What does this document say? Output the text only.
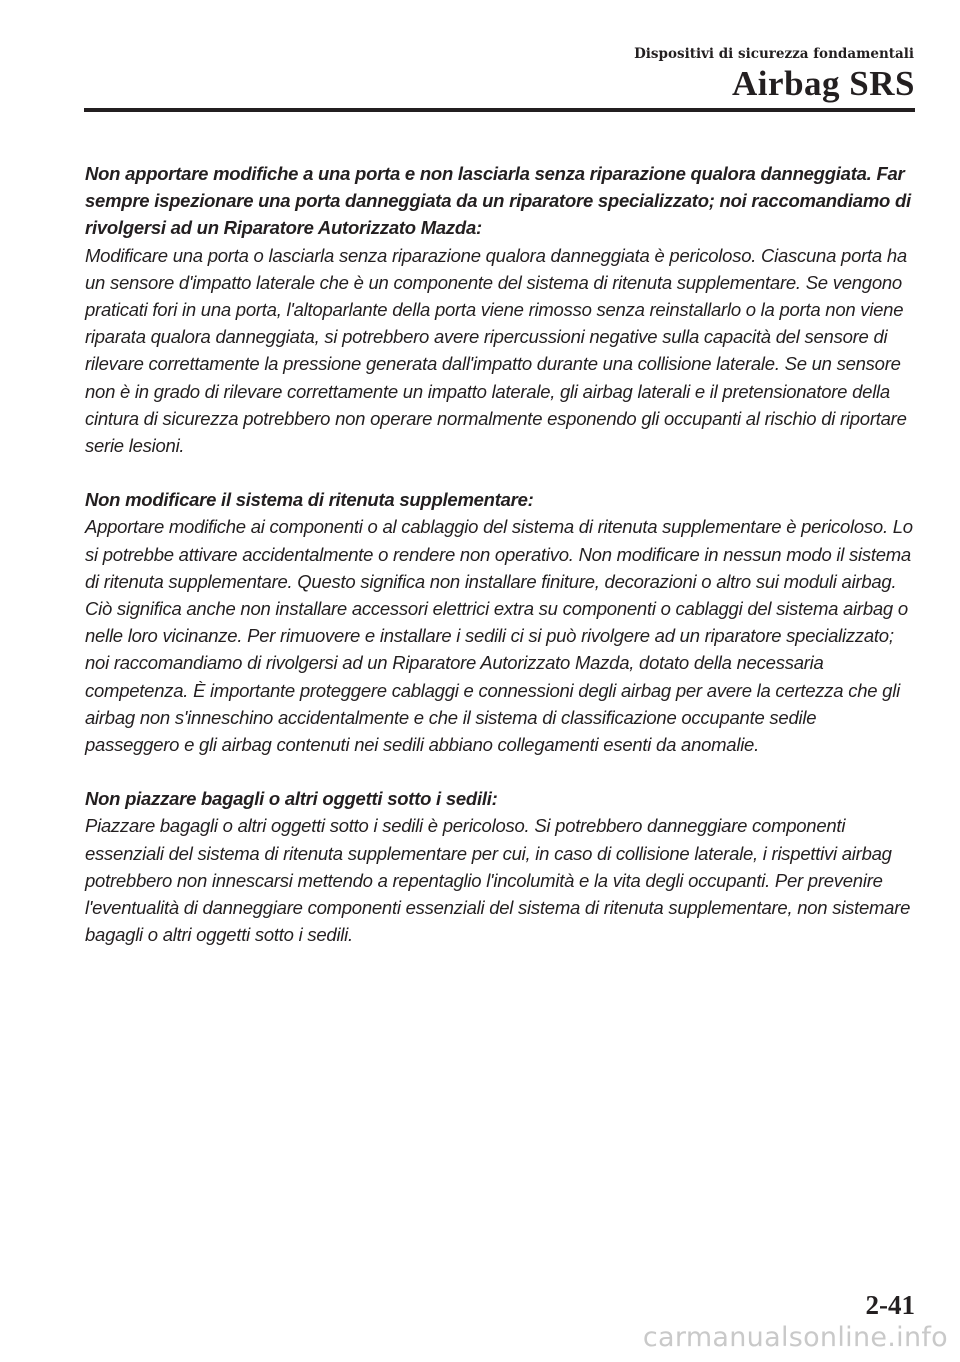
Dispositivi di sicurezza fondamentali
Airbag SRS

Non apportare modifiche a una porta e non lasciarla senza riparazione qualora danneggiata. Far sempre ispezionare una porta danneggiata da un riparatore specializzato; noi raccomandiamo di rivolgersi ad un Riparatore Autorizzato Mazda:

Modificare una porta o lasciarla senza riparazione qualora danneggiata è pericoloso. Ciascuna porta ha un sensore d'impatto laterale che è un componente del sistema di ritenuta supplementare. Se vengono praticati fori in una porta, l'altoparlante della porta viene rimosso senza reinstallarlo o la porta non viene riparata qualora danneggiata, si potrebbero avere ripercussioni negative sulla capacità del sensore di rilevare correttamente la pressione generata dall'impatto durante una collisione laterale. Se un sensore non è in grado di rilevare correttamente un impatto laterale, gli airbag laterali e il pretensionatore della cintura di sicurezza potrebbero non operare normalmente esponendo gli occupanti al rischio di riportare serie lesioni.

Non modificare il sistema di ritenuta supplementare:

Apportare modifiche ai componenti o al cablaggio del sistema di ritenuta supplementare è pericoloso. Lo si potrebbe attivare accidentalmente o rendere non operativo. Non modificare in nessun modo il sistema di ritenuta supplementare. Questo significa non installare finiture, decorazioni o altro sui moduli airbag. Ciò significa anche non installare accessori elettrici extra su componenti o cablaggi del sistema airbag o nelle loro vicinanze. Per rimuovere e installare i sedili ci si può rivolgere ad un riparatore specializzato; noi raccomandiamo di rivolgersi ad un Riparatore Autorizzato Mazda, dotato della necessaria competenza. È importante proteggere cablaggi e connessioni degli airbag per avere la certezza che gli airbag non s'inneschino accidentalmente e che il sistema di classificazione occupante sedile passeggero e gli airbag contenuti nei sedili abbiano collegamenti esenti da anomalie.

Non piazzare bagagli o altri oggetti sotto i sedili:

Piazzare bagagli o altri oggetti sotto i sedili è pericoloso. Si potrebbero danneggiare componenti essenziali del sistema di ritenuta supplementare per cui, in caso di collisione laterale, i rispettivi airbag potrebbero non innescarsi mettendo a repentaglio l'incolumità e la vita degli occupanti. Per prevenire l'eventualità di danneggiare componenti essenziali del sistema di ritenuta supplementare, non sistemare bagagli o altri oggetti sotto i sedili.

2-41
carmanualsonline.info
